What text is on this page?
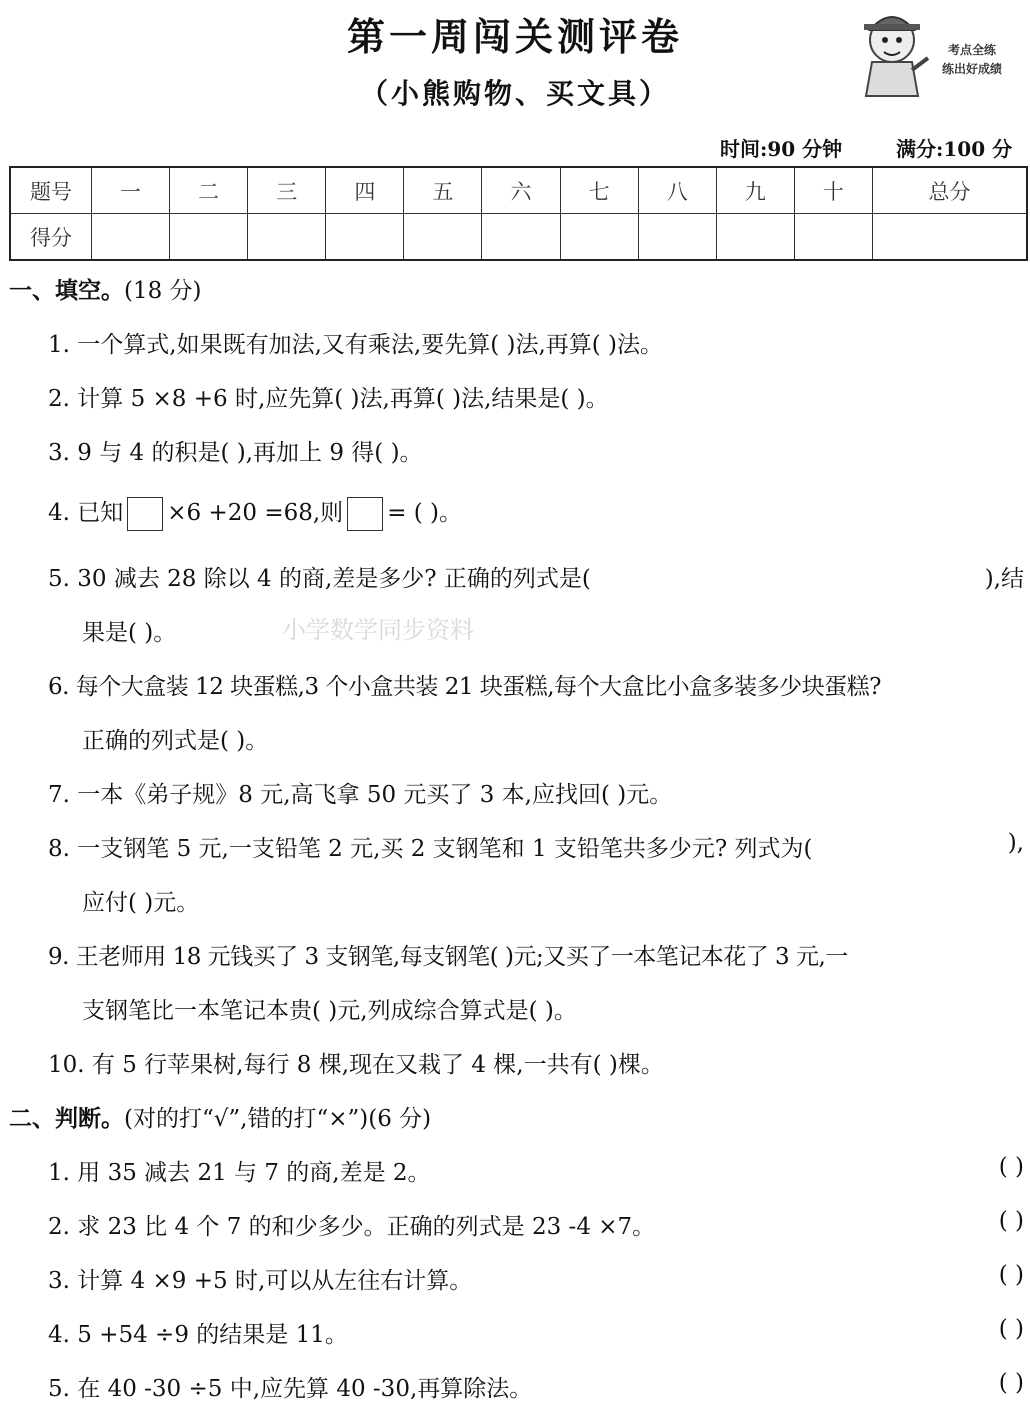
第一周闯关测评卷
（小熊购物、买文具）
考点全练
练出好成绩
时间:90 分钟	满分:100 分
题号	一	二	三	四	五	六	七	八	九	十	总分
得分											
一、填空。(18 分)
1. 一个算式,如果既有加法,又有乘法,要先算( )法,再算( )法。
2. 计算 5 ×8 +6 时,应先算( )法,再算( )法,结果是( )。
3. 9 与 4 的积是( ),再加上 9 得( )。
4. 已知 ×6 +20 =68,则 = ( )。
5. 30 减去 28 除以 4 的商,差是多少? 正确的列式是(	),结
果是( )。	小学数学同步资料
6. 每个大盒装 12 块蛋糕,3 个小盒共装 21 块蛋糕,每个大盒比小盒多装多少块蛋糕?
正确的列式是( )。
7. 一本《弟子规》8 元,高飞拿 50 元买了 3 本,应找回( )元。
8. 一支钢笔 5 元,一支铅笔 2 元,买 2 支钢笔和 1 支铅笔共多少元? 列式为(	),
应付( )元。
9. 王老师用 18 元钱买了 3 支钢笔,每支钢笔( )元;又买了一本笔记本花了 3 元,一
支钢笔比一本笔记本贵( )元,列成综合算式是( )。
10. 有 5 行苹果树,每行 8 棵,现在又栽了 4 棵,一共有( )棵。
二、判断。(对的打“√”,错的打“×”)(6 分)
1. 用 35 减去 21 与 7 的商,差是 2。	( )
2. 求 23 比 4 个 7 的和少多少。正确的列式是 23 -4 ×7。	( )
3. 计算 4 ×9 +5 时,可以从左往右计算。	( )
4. 5 +54 ÷9 的结果是 11。	( )
5. 在 40 -30 ÷5 中,应先算 40 -30,再算除法。	( )
